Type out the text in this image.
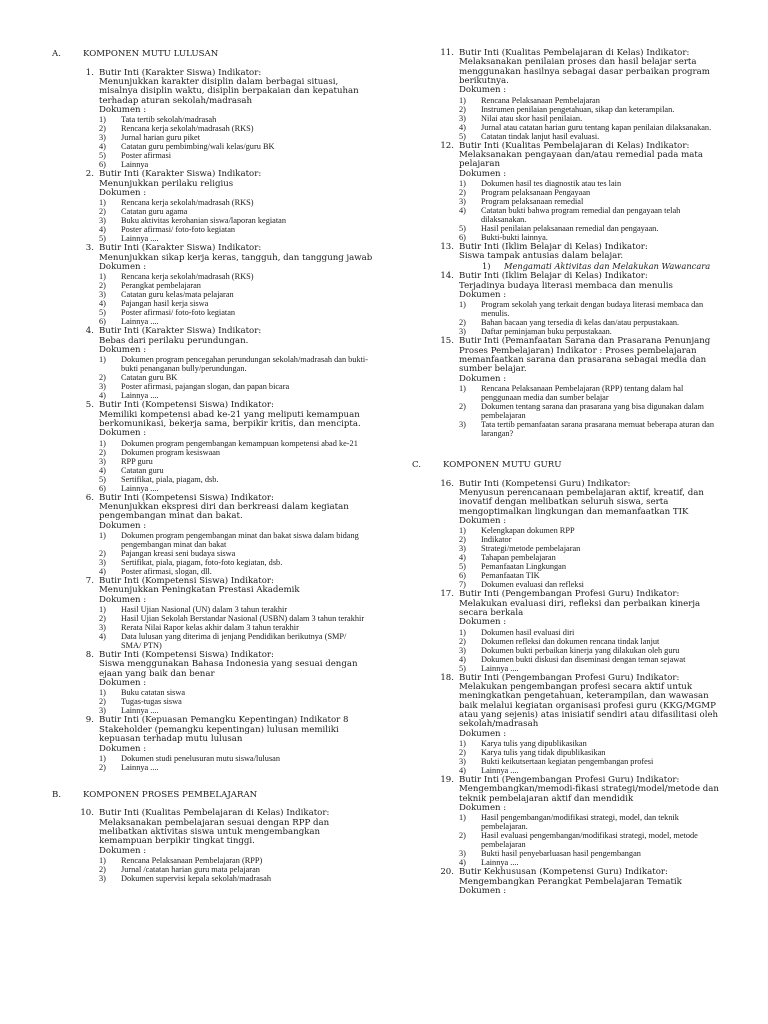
A.	KOMPONEN MUTU LULUSAN
1. Butir Inti (Karakter Siswa) Indikator:
Menunjukkan karakter disiplin dalam berbagai situasi, misalnya disiplin waktu, disiplin berpakaian dan kepatuhan terhadap aturan sekolah/madrasah
Dokumen :
1)	Tata tertib sekolah/madrasah
2)	Rencana kerja sekolah/madrasah (RKS)
3)	Jurnal harian guru piket
4)	Catatan guru pembimbing/wali kelas/guru BK
5)	Poster afirmasi
6)	Lainnya
2. Butir Inti (Karakter Siswa) Indikator:
Menunjukkan perilaku religius
Dokumen :
1)	Rencana kerja sekolah/madrasah (RKS)
2)	Catatan guru agama
3)	Buku aktivitas kerohanian siswa/laporan kegiatan
4)	Poster afirmasi/ foto-foto kegiatan
5)	Lainnya ....
3. Butir Inti (Karakter Siswa) Indikator:
Menunjukkan sikap kerja keras, tangguh, dan tanggung jawab
Dokumen :
1)	Rencana kerja sekolah/madrasah (RKS)
2)	Perangkat pembelajaran
3)	Catatan guru kelas/mata pelajaran
4)	Pajangan hasil kerja siswa
5)	Poster afirmasi/ foto-foto kegiatan
6)	Lainnya ....
4. Butir Inti (Karakter Siswa) Indikator:
Bebas dari perilaku perundungan.
Dokumen :
1)	Dokumen program pencegahan perundungan sekolah/madrasah dan bukti-bukti penanganan bully/perundungan.
2)	Catatan guru BK
3)	Poster afirmasi, pajangan slogan, dan papan bicara
4)	Lainnya ....
5. Butir Inti (Kompetensi Siswa) Indikator:
Memiliki kompetensi abad ke-21 yang meliputi kemampuan berkomunikasi, bekerja sama, berpikir kritis, dan mencipta.
Dokumen :
1)	Dokumen program pengembangan kemampuan kompetensi abad ke-21
2)	Dokumen program kesiswaan
3)	RPP guru
4)	Catatan guru
5)	Sertifikat, piala, piagam, dsb.
6)	Lainnya ....
6. Butir Inti (Kompetensi Siswa) Indikator:
Menunjukkan ekspresi diri dan berkreasi dalam kegiatan pengembangan minat dan bakat.
Dokumen :
1)	Dokumen program pengembangan minat dan bakat siswa dalam bidang pengembangan minat dan bakat
2)	Pajangan kreasi seni budaya siswa
3)	Sertifikat, piala, piagam, foto-foto kegiatan, dsb.
4)	Poster afirmasi, slogan, dll.
7. Butir Inti (Kompetensi Siswa) Indikator:
Menunjukkan Peningkatan Prestasi Akademik
Dokumen :
1)	Hasil Ujian Nasional (UN) dalam 3 tahun terakhir
2)	Hasil Ujian Sekolah Berstandar Nasional (USBN) dalam 3 tahun terakhir
3)	Rerata Nilai Rapor kelas akhir dalam 3 tahun terakhir
4)	Data lulusan yang diterima di jenjang Pendidikan berikutnya (SMP/ SMA/ PTN)
8. Butir Inti (Kompetensi Siswa) Indikator:
Siswa menggunakan Bahasa Indonesia yang sesuai dengan ejaan yang baik dan benar
Dokumen :
1)	Buku catatan siswa
2)	Tugas-tugas siswa
3)	Lainnya ....
9. Butir Inti (Kepuasan Pemangku Kepentingan) Indikator 8
Stakeholder (pemangku kepentingan) lulusan memiliki kepuasan terhadap mutu lulusan
Dokumen :
1)	Dokumen studi penelusuran mutu siswa/lulusan
2)	Lainnya ....
B.	KOMPONEN PROSES PEMBELAJARAN
10. Butir Inti (Kualitas Pembelajaran di Kelas) Indikator:
Melaksanakan pembelajaran sesuai dengan RPP dan melibatkan aktivitas siswa untuk mengembangkan kemampuan berpikir tingkat tinggi.
Dokumen :
1)	Rencana Pelaksanaan Pembelajaran (RPP)
2)	Jurnal /catatan harian guru mata pelajaran
3)	Dokumen supervisi kepala sekolah/madrasah
11. Butir Inti (Kualitas Pembelajaran di Kelas) Indikator:
Melaksanakan penilaian proses dan hasil belajar serta menggunakan hasilnya sebagai dasar perbaikan program berikutnya.
Dokumen :
1)	Rencana Pelaksanaan Pembelajaran
2)	Instrumen penilaian pengetahuan, sikap dan keterampilan.
3)	Nilai atau skor hasil penilaian.
4)	Jurnal atau catatan harian guru tentang kapan penilaian dilaksanakan.
5)	Catatan tindak lanjut hasil evaluasi.
12. Butir Inti (Kualitas Pembelajaran di Kelas) Indikator:
Melaksanakan pengayaan dan/atau remedial pada mata pelajaran
Dokumen :
1)	Dokumen hasil tes diagnostik atau tes lain
2)	Program pelaksanaan Pengayaan
3)	Program pelaksanaan remedial
4)	Catatan bukti bahwa program remedial dan pengayaan telah dilaksanakan.
5)	Hasil penilaian pelaksanaan remedial dan pengayaan.
6)	Bukti-bukti lainnya.
13. Butir Inti (Iklim Belajar di Kelas) Indikator:
Siswa tampak antusias dalam belajar.
1)	Mengamati Aktivitas dan Melakukan Wawancara
14. Butir Inti (Iklim Belajar di Kelas) Indikator:
Terjadinya budaya literasi membaca dan menulis
Dokumen :
1)	Program sekolah yang terkait dengan budaya literasi membaca dan menulis.
2)	Bahan bacaan yang tersedia di kelas dan/atau perpustakaan.
3)	Daftar peminjaman buku perpustakaan.
15. Butir Inti (Pemanfaatan Sarana dan Prasarana Penunjang Proses Pembelajaran) Indikator : Proses pembelajaran
memanfaatkan sarana dan prasarana sebagai media dan sumber belajar.
Dokumen :
1)	Rencana Pelaksanaan Pembelajaran (RPP) tentang dalam hal penggunaan media dan sumber belajar
2)	Dokumen tentang sarana dan prasarana yang bisa digunakan dalam pembelajaran
3)	Tata tertib pemanfaatan sarana prasarana memuat beberapa aturan dan larangan?
C.	KOMPONEN MUTU GURU
16. Butir Inti (Kompetensi Guru) Indikator:
Menyusun perencanaan pembelajaran aktif, kreatif, dan inovatif dengan melibatkan seluruh siswa, serta mengoptimalkan lingkungan dan memanfaatkan TIK
Dokumen :
1)	Kelengkapan dokumen RPP
2)	Indikator
3)	Strategi/metode pembelajaran
4)	Tahapan pembelajaran
5)	Pemanfaatan Lingkungan
6)	Pemanfaatan TIK
7)	Dokumen evaluasi dan refleksi
17. Butir Inti (Pengembangan Profesi Guru) Indikator:
Melakukan evaluasi diri, refleksi dan perbaikan kinerja secara berkala
Dokumen :
1)	Dokumen hasil evaluasi diri
2)	Dokumen refleksi dan dokumen rencana tindak lanjut
3)	Dokumen bukti perbaikan kinerja yang dilakukan oleh guru
4)	Dokumen bukti diskusi dan diseminasi dengan teman sejawat
5)	Lainnya ....
18. Butir Inti (Pengembangan Profesi Guru) Indikator:
Melakukan pengembangan profesi secara aktif untuk meningkatkan pengetahuan, keterampilan, dan wawasan baik melalui kegiatan organisasi profesi guru (KKG/MGMP atau yang sejenis) atas inisiatif sendiri atau difasilitasi oleh sekolah/madrasah
Dokumen :
1)	Karya tulis yang dipublikasikan
2)	Karya tulis yang tidak dipublikasikan
3)	Bukti keikutsertaan kegiatan pengembangan profesi
4)	Lainnya ....
19. Butir Inti (Pengembangan Profesi Guru) Indikator:
Mengembangkan/memodi-fikasi strategi/model/metode dan teknik pembelajaran aktif dan mendidik
Dokumen :
1)	Hasil pengembangan/modifikasi strategi, model, dan teknik pembelajaran.
2)	Hasil evaluasi pengembangan/modifikasi strategi, model, metode pembelajaran
3)	Bukti hasil penyebarluasan hasil pengembangan
4)	Lainnya ....
20. Butir Kekhususan (Kompetensi Guru) Indikator:
Mengembangkan Perangkat Pembelajaran Tematik
Dokumen :
